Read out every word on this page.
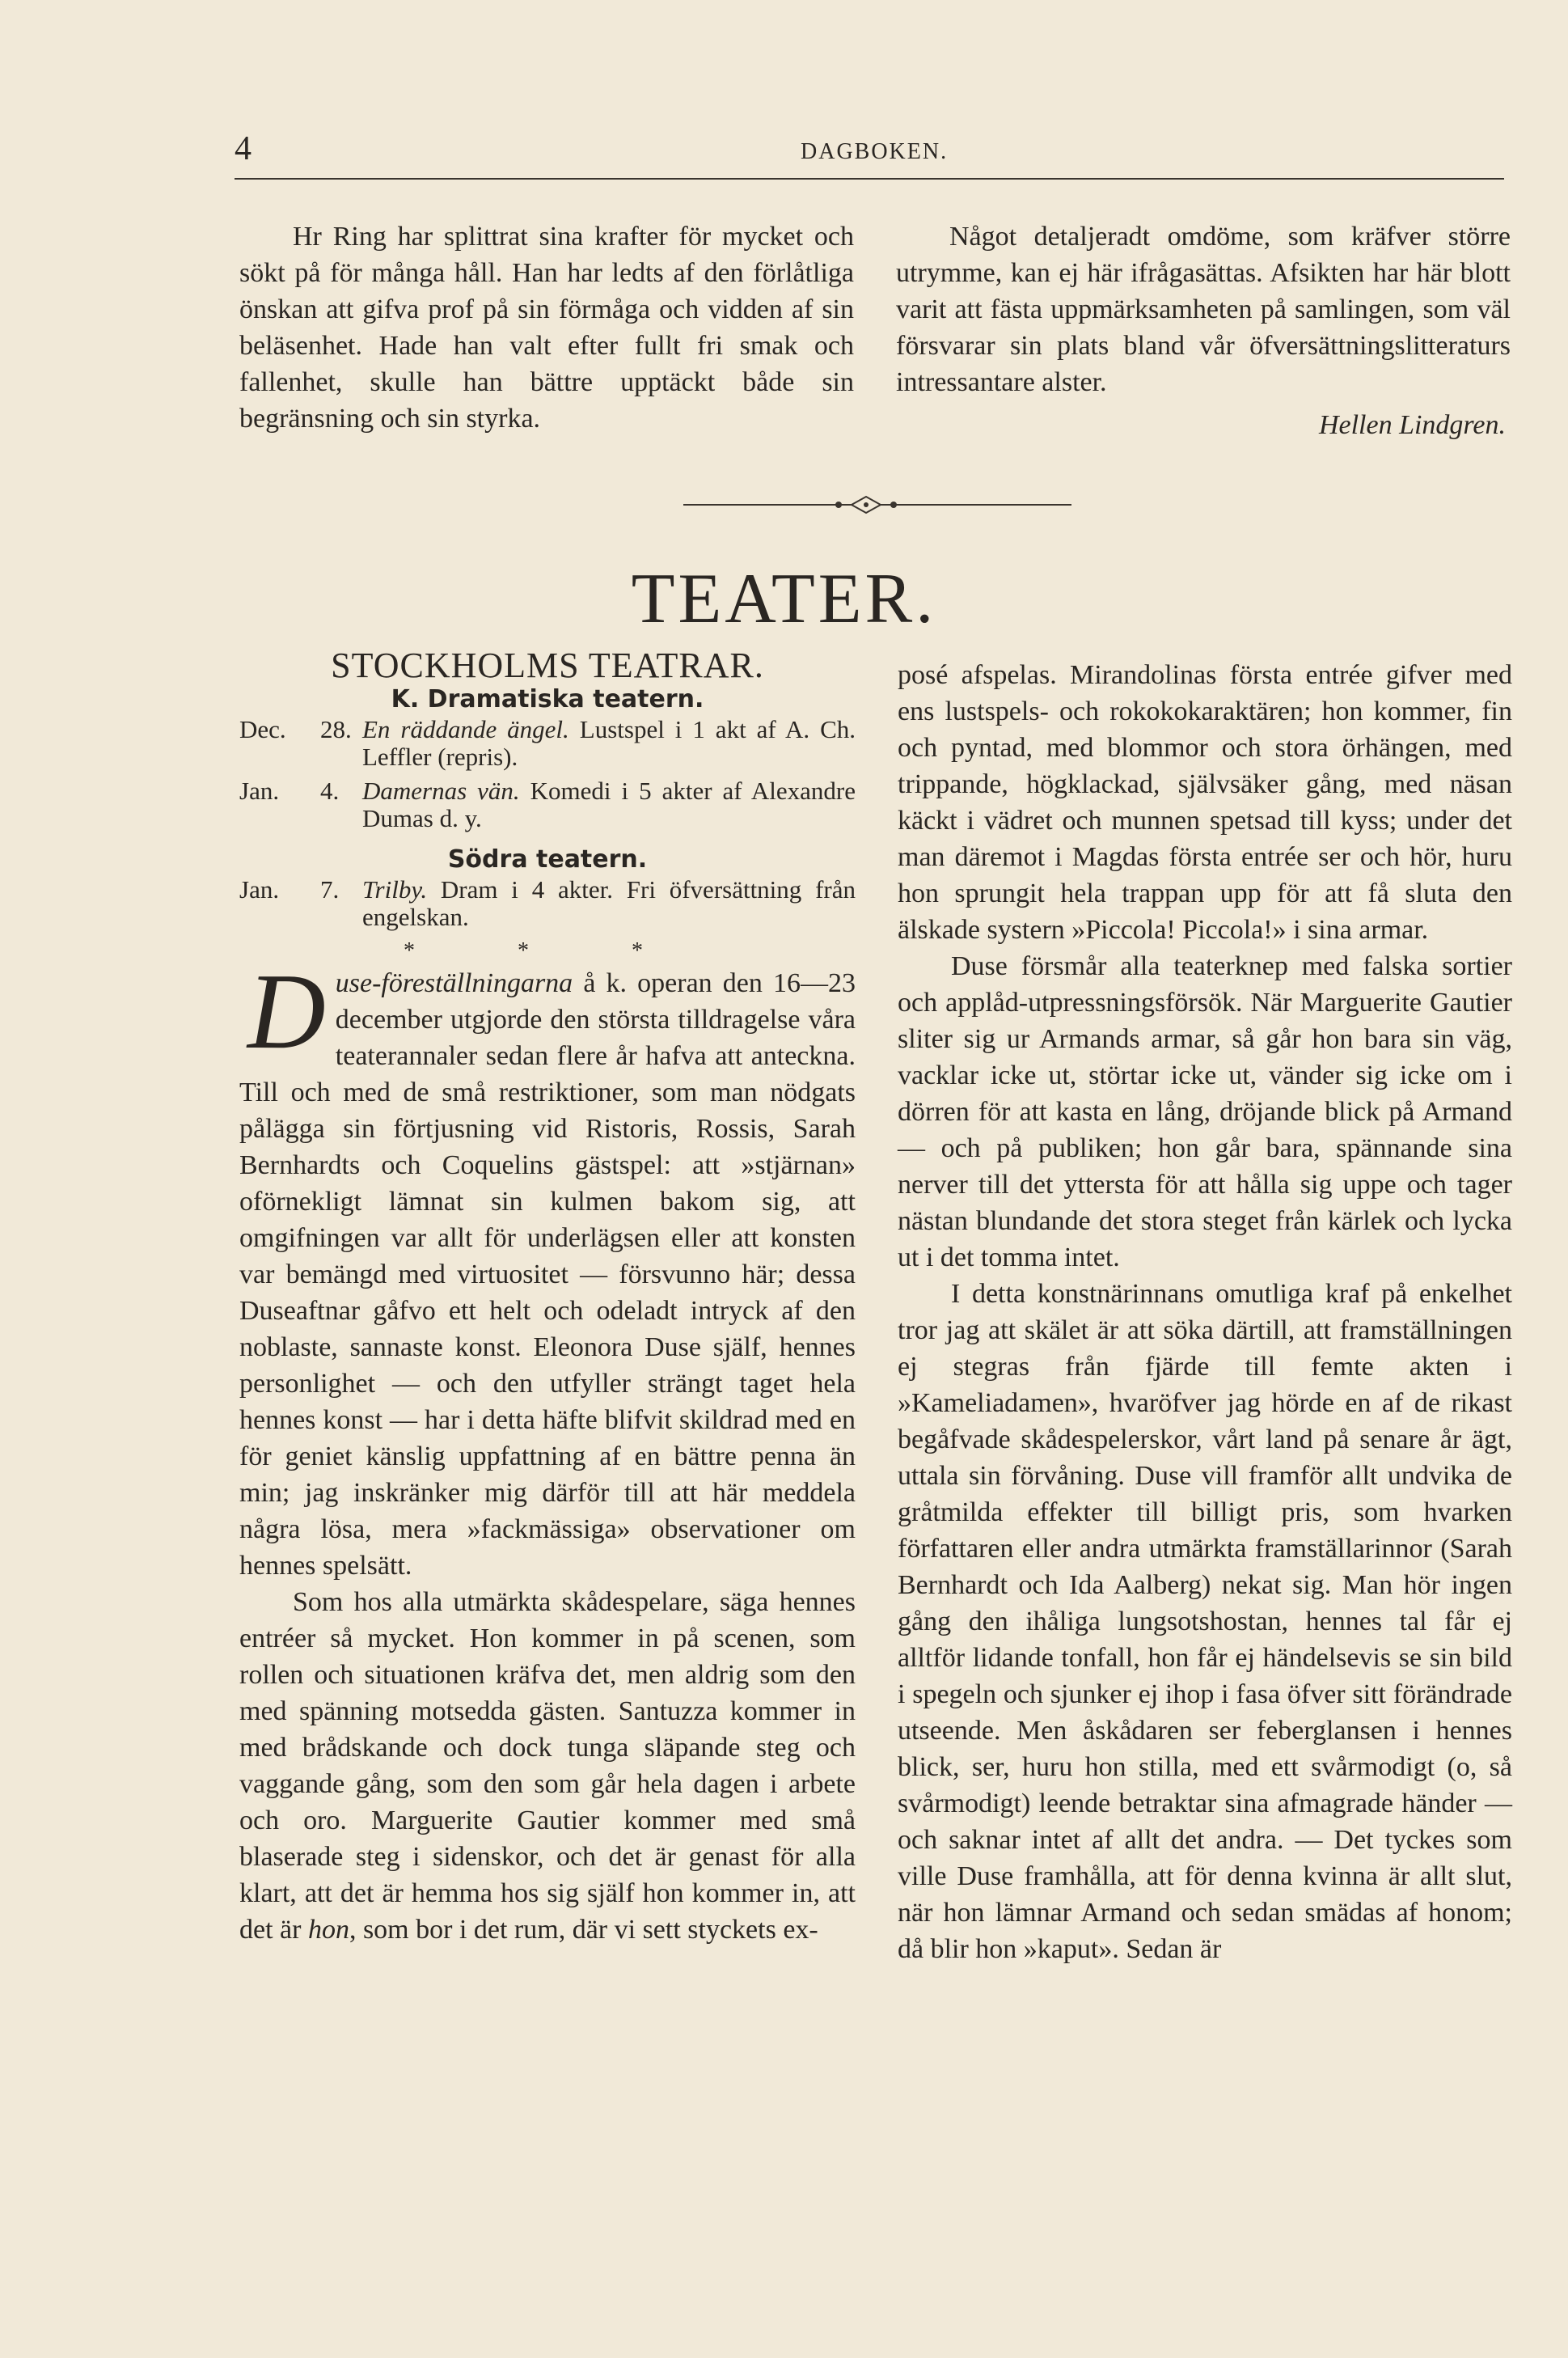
4	DAGBOKEN.

Hr Ring har splittrat sina krafter för mycket och sökt på för många håll. Han har ledts af den förlåtliga önskan att gifva prof på sin förmåga och vidden af sin beläsenhet. Hade han valt efter fullt fri smak och fallenhet, skulle han bättre upptäckt både sin begränsning och sin styrka.

Något detaljeradt omdöme, som kräfver större utrymme, kan ej här ifrågasättas. Afsikten har här blott varit att fästa uppmärksamheten på samlingen, som väl försvarar sin plats bland vår öfversättningslitteraturs intressantare alster.

Hellen Lindgren.

TEATER.

STOCKHOLMS TEATRAR.

K. Dramatiska teatern.

Dec.	28. En räddande ängel. Lustspel i 1 akt af A. Ch. Leffler (repris).
Jan.	4. Damernas vän. Komedi i 5 akter af Alexandre Dumas d. y.

Södra teatern.

Jan.	7. Trilby. Dram i 4 akter. Fri öfversättning från engelskan.

* * *

Duse-föreställningarna å k. operan den 16—23 december utgjorde den största tilldragelse våra teaterannaler sedan flere år hafva att anteckna. Till och med de små restriktioner, som man nödgats pålägga sin förtjusning vid Ristoris, Rossis, Sarah Bernhardts och Coquelins gästspel: att »stjärnan» oförnekligt lämnat sin kulmen bakom sig, att omgifningen var allt för underlägsen eller att konsten var bemängd med virtuositet — försvunno här; dessa Duseaftnar gåfvo ett helt och odeladt intryck af den noblaste, sannaste konst. Eleonora Duse själf, hennes personlighet — och den utfyller strängt taget hela hennes konst — har i detta häfte blifvit skildrad med en för geniet känslig uppfattning af en bättre penna än min; jag inskränker mig därför till att här meddela några lösa, mera »fackmässiga» observationer om hennes spelsätt.

Som hos alla utmärkta skådespelare, säga hennes entréer så mycket. Hon kommer in på scenen, som rollen och situationen kräfva det, men aldrig som den med spänning motsedda gästen. Santuzza kommer in med brådskande och dock tunga släpande steg och vaggande gång, som den som går hela dagen i arbete och oro. Marguerite Gautier kommer med små blaserade steg i sidenskor, och det är genast för alla klart, att det är hemma hos sig själf hon kommer in, att det är hon, som bor i det rum, där vi sett styckets ex-

posé afspelas. Mirandolinas första entrée gifver med ens lustspels- och rokokokaraktären; hon kommer, fin och pyntad, med blommor och stora örhängen, med trippande, högklackad, självsäker gång, med näsan käckt i vädret och munnen spetsad till kyss; under det man däremot i Magdas första entrée ser och hör, huru hon sprungit hela trappan upp för att få sluta den älskade systern »Piccola! Piccola!» i sina armar.

Duse försmår alla teaterknep med falska sortier och applåd-utpressningsförsök. När Marguerite Gautier sliter sig ur Armands armar, så går hon bara sin väg, vacklar icke ut, störtar icke ut, vänder sig icke om i dörren för att kasta en lång, dröjande blick på Armand — och på publiken; hon går bara, spännande sina nerver till det yttersta för att hålla sig uppe och tager nästan blundande det stora steget från kärlek och lycka ut i det tomma intet.

I detta konstnärinnans omutliga kraf på enkelhet tror jag att skälet är att söka därtill, att framställningen ej stegras från fjärde till femte akten i »Kameliadamen», hvaröfver jag hörde en af de rikast begåfvade skådespelerskor, vårt land på senare år ägt, uttala sin förvåning. Duse vill framför allt undvika de gråtmilda effekter till billigt pris, som hvarken författaren eller andra utmärkta framställarinnor (Sarah Bernhardt och Ida Aalberg) nekat sig. Man hör ingen gång den ihåliga lungsotshostan, hennes tal får ej alltför lidande tonfall, hon får ej händelsevis se sin bild i spegeln och sjunker ej ihop i fasa öfver sitt förändrade utseende. Men åskådaren ser feberglansen i hennes blick, ser, huru hon stilla, med ett svårmodigt (o, så svårmodigt) leende betraktar sina afmagrade händer — och saknar intet af allt det andra. — Det tyckes som ville Duse framhålla, att för denna kvinna är allt slut, när hon lämnar Armand och sedan smädas af honom; då blir hon »kaput». Sedan är
